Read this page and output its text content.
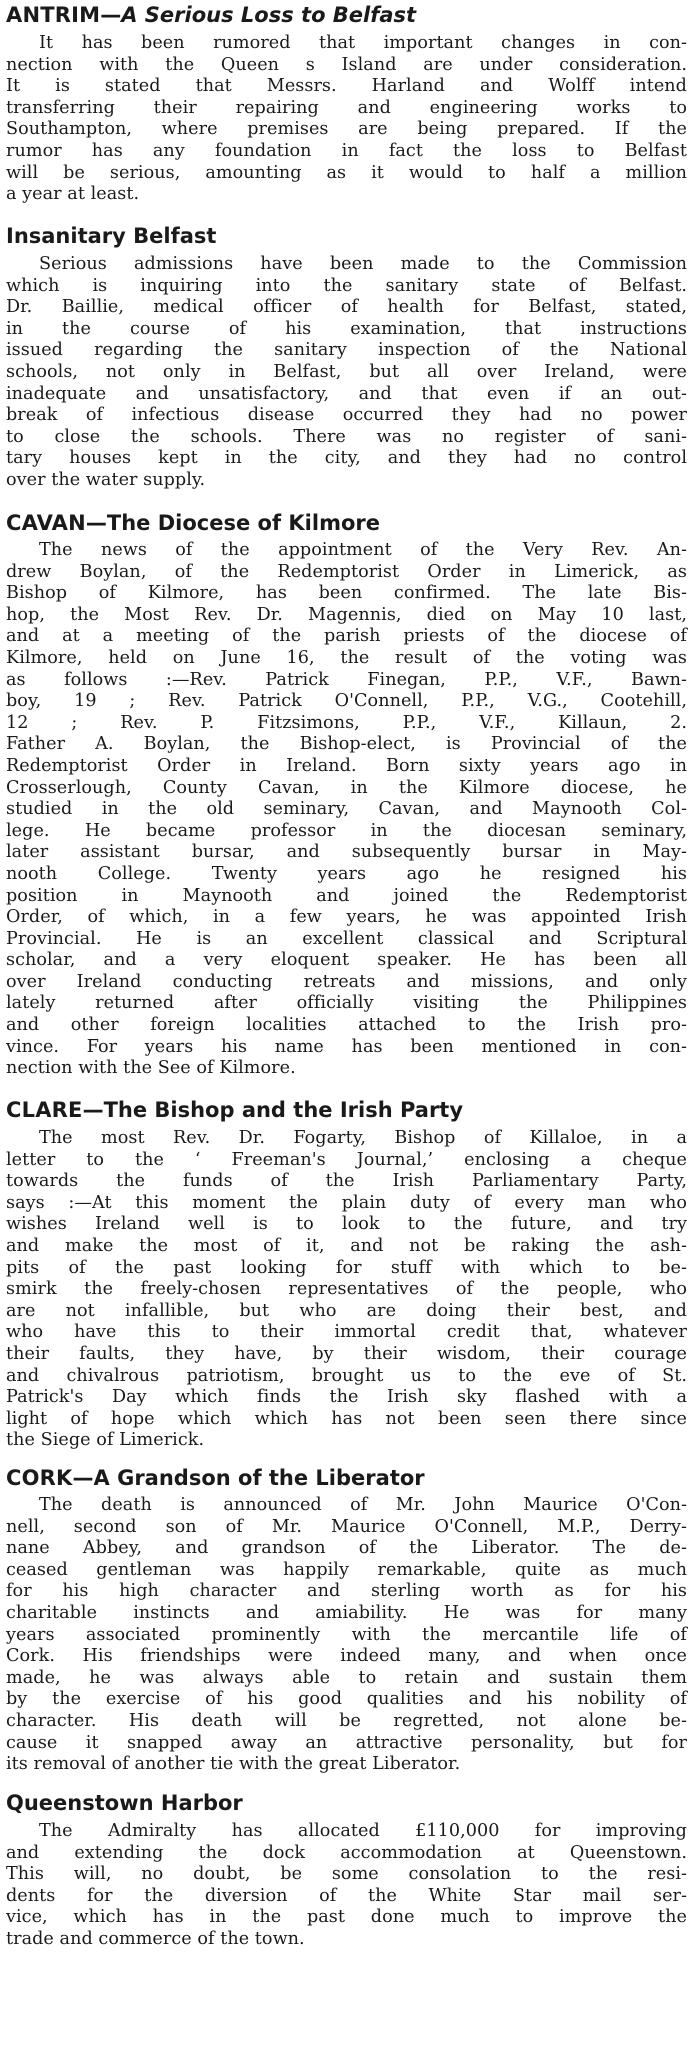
ANTRIM—A Serious Loss to Belfast
It has been rumored that important changes in con-
nection with the Queen s Island are under consideration.
It is stated that Messrs. Harland and Wolff intend
transferring their repairing and engineering works to
Southampton, where premises are being prepared. If the
rumor has any foundation in fact the loss to Belfast
will be serious, amounting as it would to half a million
a year at least.
Insanitary Belfast
Serious admissions have been made to the Commission
which is inquiring into the sanitary state of Belfast.
Dr. Baillie, medical officer of health for Belfast, stated,
in the course of his examination, that instructions
issued regarding the sanitary inspection of the National
schools, not only in Belfast, but all over Ireland, were
inadequate and unsatisfactory, and that even if an out-
break of infectious disease occurred they had no power
to close the schools. There was no register of sani-
tary houses kept in the city, and they had no control
over the water supply.
CAVAN—The Diocese of Kilmore
The news of the appointment of the Very Rev. An-
drew Boylan, of the Redemptorist Order in Limerick, as
Bishop of Kilmore, has been confirmed. The late Bis-
hop, the Most Rev. Dr. Magennis, died on May 10 last,
and at a meeting of the parish priests of the diocese of
Kilmore, held on June 16, the result of the voting was
as follows :—Rev. Patrick Finegan, P.P., V.F., Bawn-
boy, 19 ; Rev. Patrick O'Connell, P.P., V.G., Cootehill,
12 ; Rev. P. Fitzsimons, P.P., V.F., Killaun, 2.
Father A. Boylan, the Bishop-elect, is Provincial of the
Redemptorist Order in Ireland. Born sixty years ago in
Crosserlough, County Cavan, in the Kilmore diocese, he
studied in the old seminary, Cavan, and Maynooth Col-
lege. He became professor in the diocesan seminary,
later assistant bursar, and subsequently bursar in May-
nooth College. Twenty years ago he resigned his
position in Maynooth and joined the Redemptorist
Order, of which, in a few years, he was appointed Irish
Provincial. He is an excellent classical and Scriptural
scholar, and a very eloquent speaker. He has been all
over Ireland conducting retreats and missions, and only
lately returned after officially visiting the Philippines
and other foreign localities attached to the Irish pro-
vince. For years his name has been mentioned in con-
nection with the See of Kilmore.
CLARE—The Bishop and the Irish Party
The most Rev. Dr. Fogarty, Bishop of Killaloe, in a
letter to the ‘ Freeman's Journal,’ enclosing a cheque
towards the funds of the Irish Parliamentary Party,
says :—At this moment the plain duty of every man who
wishes Ireland well is to look to the future, and try
and make the most of it, and not be raking the ash-
pits of the past looking for stuff with which to be-
smirk the freely-chosen representatives of the people, who
are not infallible, but who are doing their best, and
who have this to their immortal credit that, whatever
their faults, they have, by their wisdom, their courage
and chivalrous patriotism, brought us to the eve of St.
Patrick's Day which finds the Irish sky flashed with a
light of hope which which has not been seen there since
the Siege of Limerick.
CORK—A Grandson of the Liberator
The death is announced of Mr. John Maurice O'Con-
nell, second son of Mr. Maurice O'Connell, M.P., Derry-
nane Abbey, and grandson of the Liberator. The de-
ceased gentleman was happily remarkable, quite as much
for his high character and sterling worth as for his
charitable instincts and amiability. He was for many
years associated prominently with the mercantile life of
Cork. His friendships were indeed many, and when once
made, he was always able to retain and sustain them
by the exercise of his good qualities and his nobility of
character. His death will be regretted, not alone be-
cause it snapped away an attractive personality, but for
its removal of another tie with the great Liberator.
Queenstown Harbor
The Admiralty has allocated £110,000 for improving
and extending the dock accommodation at Queenstown.
This will, no doubt, be some consolation to the resi-
dents for the diversion of the White Star mail ser-
vice, which has in the past done much to improve the
trade and commerce of the town.
